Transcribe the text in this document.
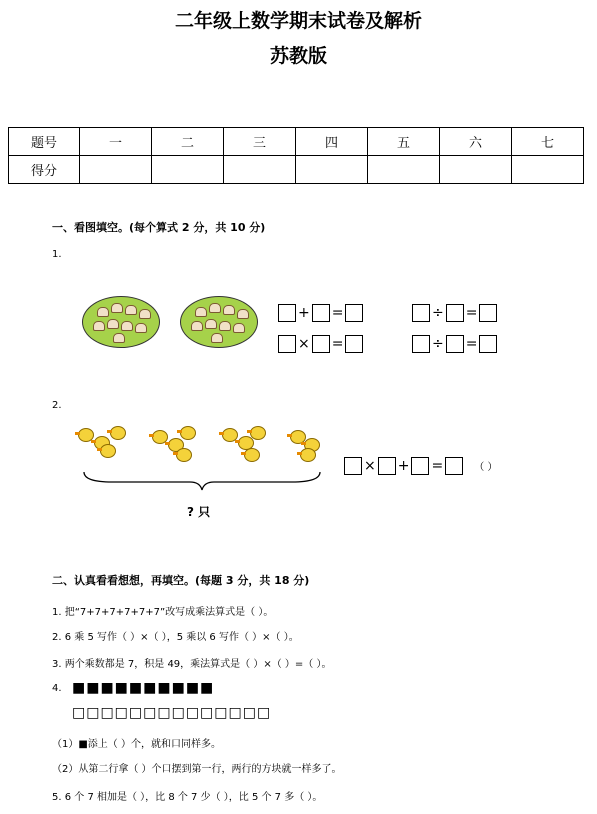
二年级上数学期末试卷及解析
苏教版
题号	一	二	三	四	五	六	七
得分							
一、看图填空。(每个算式 2 分，共 10 分)
1.
+ =	÷ =
× =	÷ =
2.
? 只
× + =	（ ）
二、认真看看想想，再填空。(每题 3 分，共 18 分)
1. 把“7+7+7+7+7+7”改写成乘法算式是（ ）。
2. 6 乘 5 写作（ ）×（ ），5 乘以 6 写作（ ）×（ ）。
3. 两个乘数都是 7，积是 49，乘法算式是（ ）×（ ）=（ ）。
4. ■■■■■■■■■■
□□□□□□□□□□□□□□
（1）■添上（ ）个，就和口同样多。
（2）从第二行拿（ ）个口摆到第一行，两行的方块就一样多了。
5. 6 个 7 相加是（ ），比 8 个 7 少（ ），比 5 个 7 多（ ）。
